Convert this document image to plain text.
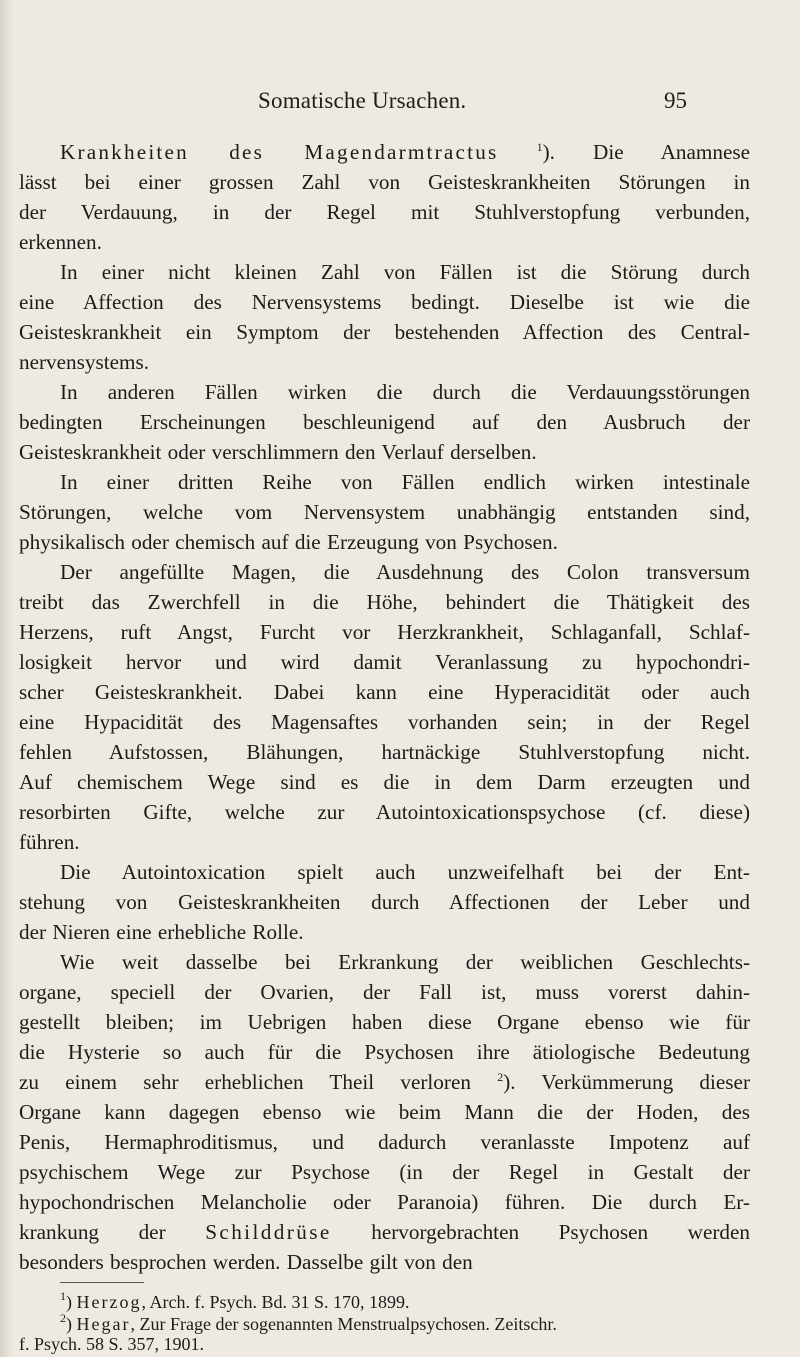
Somatische Ursachen.	95
Krankheiten des Magendarmtractus	$^1$). Die Anamnese
lässt bei einer grossen Zahl von Geisteskrankheiten Störungen in
der Verdauung, in der Regel mit Stuhlverstopfung verbunden,
erkennen.
In einer nicht kleinen Zahl von Fällen ist die Störung durch
eine Affection des Nervensystems bedingt. Dieselbe ist wie die
Geisteskrankheit ein Symptom der bestehenden Affection des Central-
nervensystems.
In anderen Fällen wirken die durch die Verdauungsstörungen
bedingten Erscheinungen beschleunigend auf den Ausbruch der
Geisteskrankheit oder verschlimmern den Verlauf derselben.
In einer dritten Reihe von Fällen endlich wirken intestinale
Störungen, welche vom Nervensystem unabhängig entstanden sind,
physikalisch oder chemisch auf die Erzeugung von Psychosen.
Der angefüllte Magen, die Ausdehnung des Colon transversum
treibt das Zwerchfell in die Höhe, behindert die Thätigkeit des
Herzens, ruft Angst, Furcht vor Herzkrankheit, Schlaganfall, Schlaf-
losigkeit hervor und wird damit Veranlassung zu hypochondri-
scher Geisteskrankheit. Dabei kann eine Hyperacidität oder auch
eine Hypacidität des Magensaftes vorhanden sein; in der Regel
fehlen Aufstossen, Blähungen, hartnäckige Stuhlverstopfung nicht.
Auf chemischem Wege sind es die in dem Darm erzeugten und
resorbirten Gifte, welche zur Autointoxicationspsychose (cf. diese)
führen.
Die Autointoxication spielt auch unzweifelhaft bei der Ent-
stehung von Geisteskrankheiten durch Affectionen der Leber und
der Nieren eine erhebliche Rolle.
Wie weit dasselbe bei Erkrankung der weiblichen Geschlechts-
organe, speciell der Ovarien, der Fall ist, muss vorerst dahin-
gestellt bleiben; im Uebrigen haben diese Organe ebenso wie für
die Hysterie so auch für die Psychosen ihre ätiologische Bedeutung
zu einem sehr erheblichen Theil verloren $^2$). Verkümmerung dieser
Organe kann dagegen ebenso wie beim Mann die der Hoden, des
Penis, Hermaphroditismus, und dadurch veranlasste Impotenz auf
psychischem Wege zur Psychose (in der Regel in Gestalt der
hypochondrischen Melancholie oder Paranoia) führen. Die durch Er-
krankung der Schilddrüse hervorgebrachten Psychosen werden
besonders besprochen werden. Dasselbe gilt von den
$^1$) Herzog, Arch. f. Psych. Bd. 31 S. 170, 1899.
$^2$) Hegar, Zur Frage der sogenannten Menstrualpsychosen. Zeitschr.
f. Psych. 58 S. 357, 1901.
